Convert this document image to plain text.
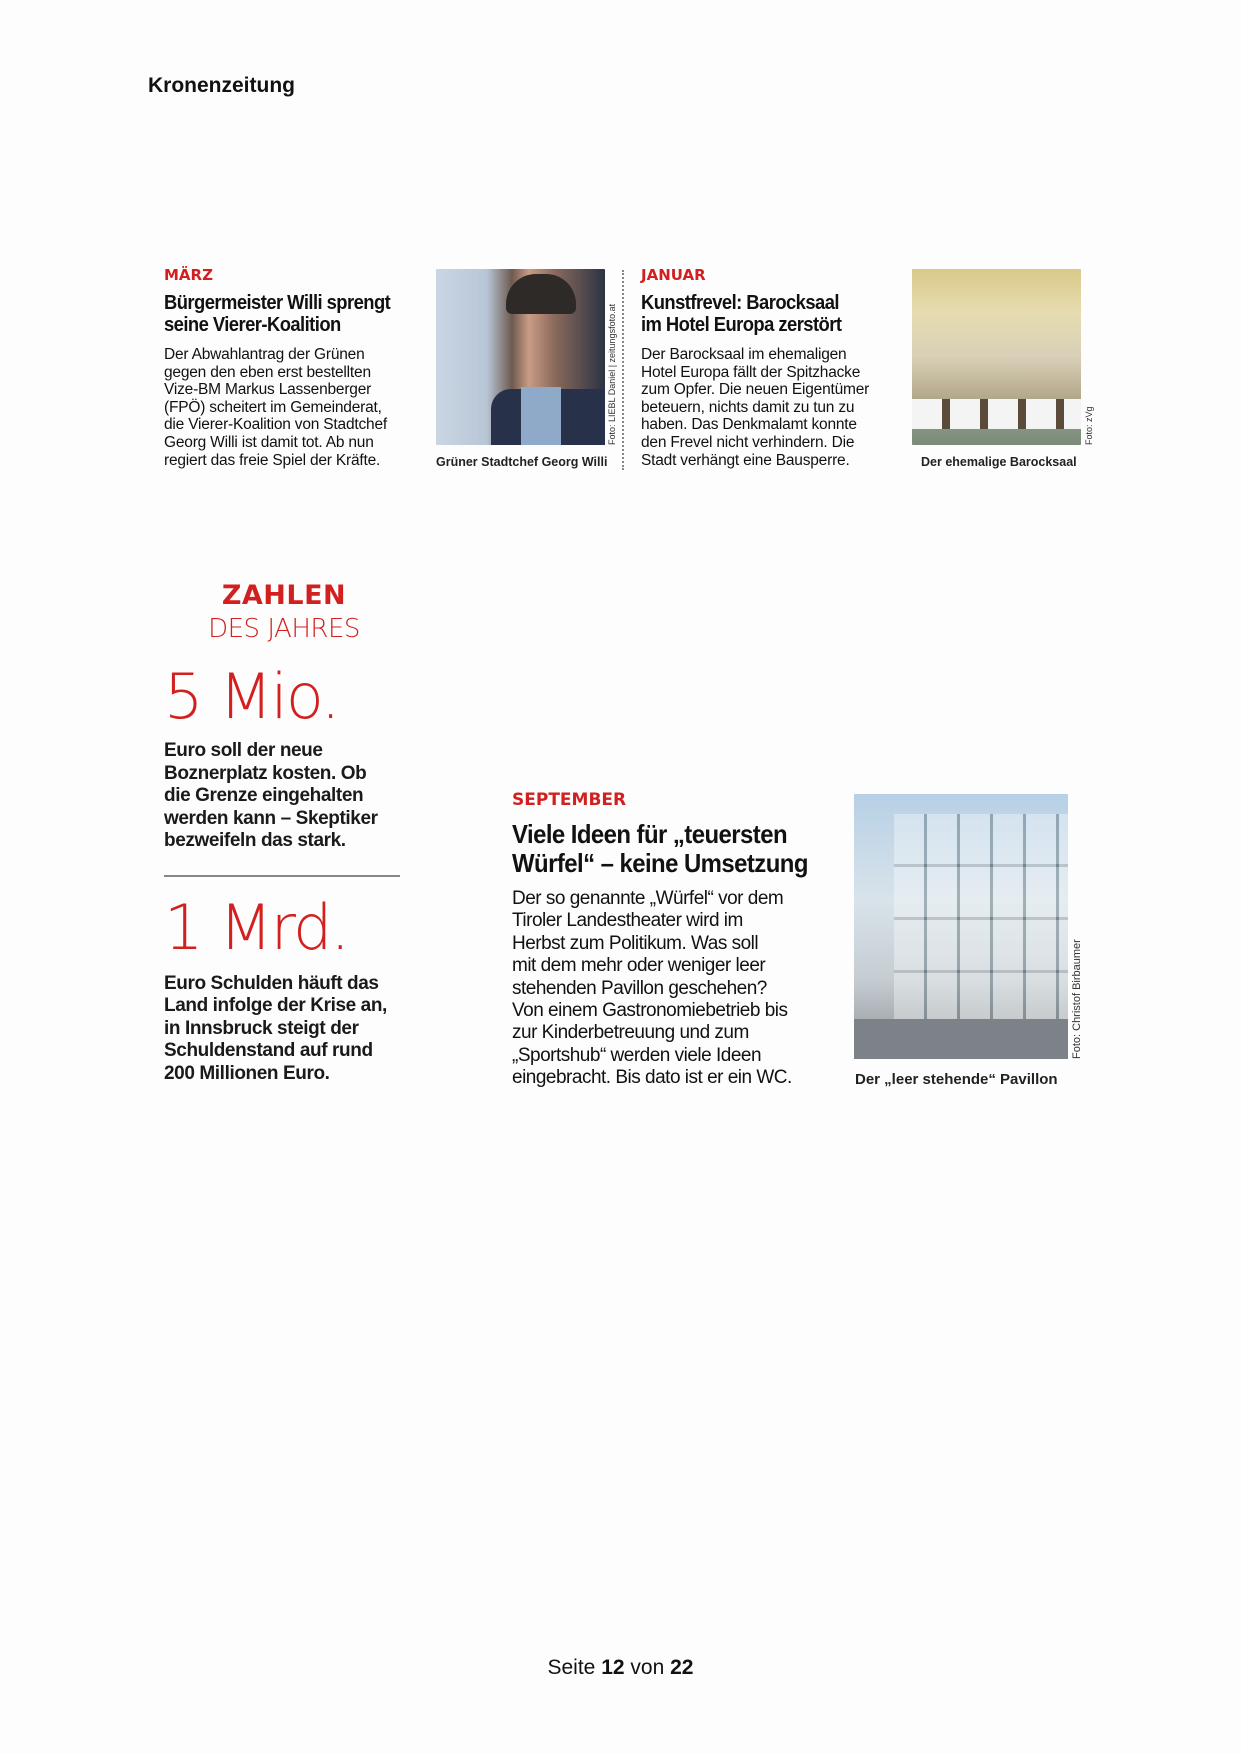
Kronenzeitung
MÄRZ
Bürgermeister Willi sprengt
seine Vierer-Koalition
Der Abwahlantrag der Grünen
gegen den eben erst bestellten
Vize-BM Markus Lassenberger
(FPÖ) scheitert im Gemeinderat,
die Vierer-Koalition von Stadtchef
Georg Willi ist damit tot. Ab nun
regiert das freie Spiel der Kräfte.
Foto: LIEBL Daniel | zeitungsfoto.at
Grüner Stadtchef Georg Willi
JANUAR
Kunstfrevel: Barocksaal
im Hotel Europa zerstört
Der Barocksaal im ehemaligen
Hotel Europa fällt der Spitzhacke
zum Opfer. Die neuen Eigentümer
beteuern, nichts damit zu tun zu
haben. Das Denkmalamt konnte
den Frevel nicht verhindern. Die
Stadt verhängt eine Bausperre.
Foto: zVg
Der ehemalige Barocksaal
ZAHLEN
DES JAHRES
5 Mio.
Euro soll der neue
Boznerplatz kosten. Ob
die Grenze eingehalten
werden kann – Skeptiker
bezweifeln das stark.
1 Mrd.
Euro Schulden häuft das
Land infolge der Krise an,
in Innsbruck steigt der
Schuldenstand auf rund
200 Millionen Euro.
SEPTEMBER
Viele Ideen für „teuersten
Würfel“ – keine Umsetzung
Der so genannte „Würfel“ vor dem
Tiroler Landestheater wird im
Herbst zum Politikum. Was soll
mit dem mehr oder weniger leer
stehenden Pavillon geschehen?
Von einem Gastronomiebetrieb bis
zur Kinderbetreuung und zum
„Sportshub“ werden viele Ideen
eingebracht. Bis dato ist er ein WC.
Foto: Christof Birbaumer
Der „leer stehende“ Pavillon
Seite 12 von 22
